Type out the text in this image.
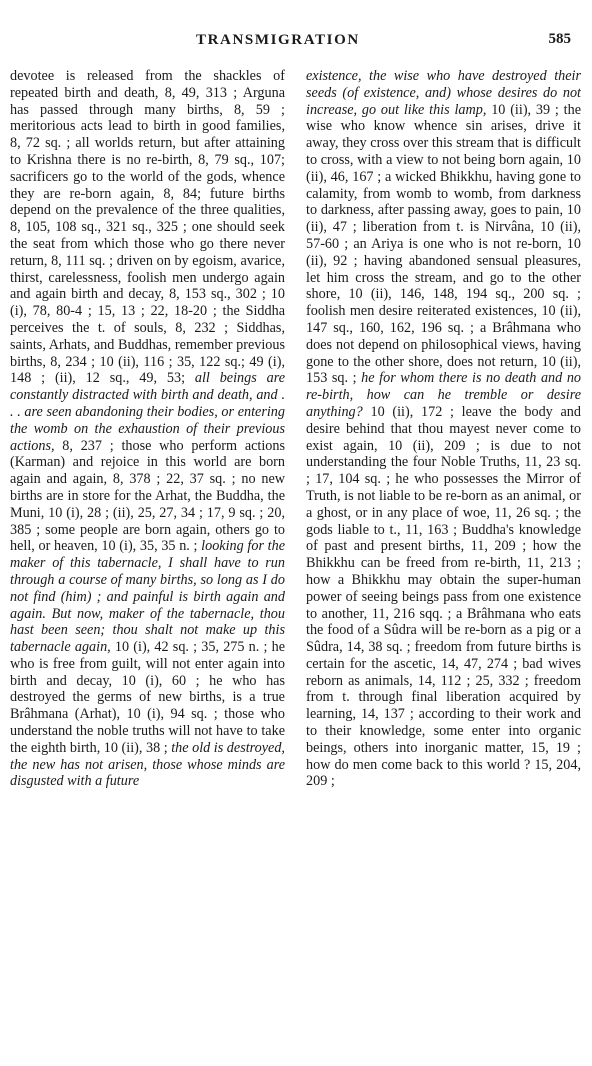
TRANSMIGRATION	585

devotee is released from the shackles of repeated birth and death, 8, 49, 313 ; Arguna has passed through many births, 8, 59 ; meritorious acts lead to birth in good families, 8, 72 sq. ; all worlds return, but after attaining to Krishna there is no re-birth, 8, 79 sq., 107; sacrificers go to the world of the gods, whence they are re-born again, 8, 84; future births depend on the prevalence of the three qualities, 8, 105, 108 sq., 321 sq., 325 ; one should seek the seat from which those who go there never return, 8, 111 sq. ; driven on by egoism, avarice, thirst, carelessness, foolish men undergo again and again birth and decay, 8, 153 sq., 302 ; 10 (i), 78, 80-4 ; 15, 13 ; 22, 18-20 ; the Siddha perceives the t. of souls, 8, 232 ; Siddhas, saints, Arhats, and Buddhas, remember previous births, 8, 234 ; 10 (ii), 116 ; 35, 122 sq.; 49 (i), 148 ; (ii), 12 sq., 49, 53; all beings are constantly distracted with birth and death, and . . . are seen abandoning their bodies, or entering the womb on the exhaustion of their previous actions, 8, 237 ; those who perform actions (Karman) and rejoice in this world are born again and again, 8, 378 ; 22, 37 sq. ; no new births are in store for the Arhat, the Buddha, the Muni, 10 (i), 28 ; (ii), 25, 27, 34 ; 17, 9 sq. ; 20, 385 ; some people are born again, others go to hell, or heaven, 10 (i), 35, 35 n. ; looking for the maker of this tabernacle, I shall have to run through a course of many births, so long as I do not find (him) ; and painful is birth again and again. But now, maker of the tabernacle, thou hast been seen; thou shalt not make up this tabernacle again, 10 (i), 42 sq. ; 35, 275 n. ; he who is free from guilt, will not enter again into birth and decay, 10 (i), 60 ; he who has destroyed the germs of new births, is a true Brâhmana (Arhat), 10 (i), 94 sq. ; those who understand the noble truths will not have to take the eighth birth, 10 (ii), 38 ; the old is destroyed, the new has not arisen, those whose minds are disgusted with a future

existence, the wise who have destroyed their seeds (of existence, and) whose desires do not increase, go out like this lamp, 10 (ii), 39 ; the wise who know whence sin arises, drive it away, they cross over this stream that is difficult to cross, with a view to not being born again, 10 (ii), 46, 167 ; a wicked Bhikkhu, having gone to calamity, from womb to womb, from darkness to darkness, after passing away, goes to pain, 10 (ii), 47 ; liberation from t. is Nirvâna, 10 (ii), 57-60 ; an Ariya is one who is not re-born, 10 (ii), 92 ; having abandoned sensual pleasures, let him cross the stream, and go to the other shore, 10 (ii), 146, 148, 194 sq., 200 sq. ; foolish men desire reiterated existences, 10 (ii), 147 sq., 160, 162, 196 sq. ; a Brâhmana who does not depend on philosophical views, having gone to the other shore, does not return, 10 (ii), 153 sq. ; he for whom there is no death and no re-birth, how can he tremble or desire anything? 10 (ii), 172 ; leave the body and desire behind that thou mayest never come to exist again, 10 (ii), 209 ; is due to not understanding the four Noble Truths, 11, 23 sq. ; 17, 104 sq. ; he who possesses the Mirror of Truth, is not liable to be re-born as an animal, or a ghost, or in any place of woe, 11, 26 sq. ; the gods liable to t., 11, 163 ; Buddha's knowledge of past and present births, 11, 209 ; how the Bhikkhu can be freed from re-birth, 11, 213 ; how a Bhikkhu may obtain the super-human power of seeing beings pass from one existence to another, 11, 216 sqq. ; a Brâhmana who eats the food of a Sûdra will be re-born as a pig or a Sûdra, 14, 38 sq. ; freedom from future births is certain for the ascetic, 14, 47, 274 ; bad wives reborn as animals, 14, 112 ; 25, 332 ; freedom from t. through final liberation acquired by learning, 14, 137 ; according to their work and to their knowledge, some enter into organic beings, others into inorganic matter, 15, 19 ; how do men come back to this world ? 15, 204, 209 ;
